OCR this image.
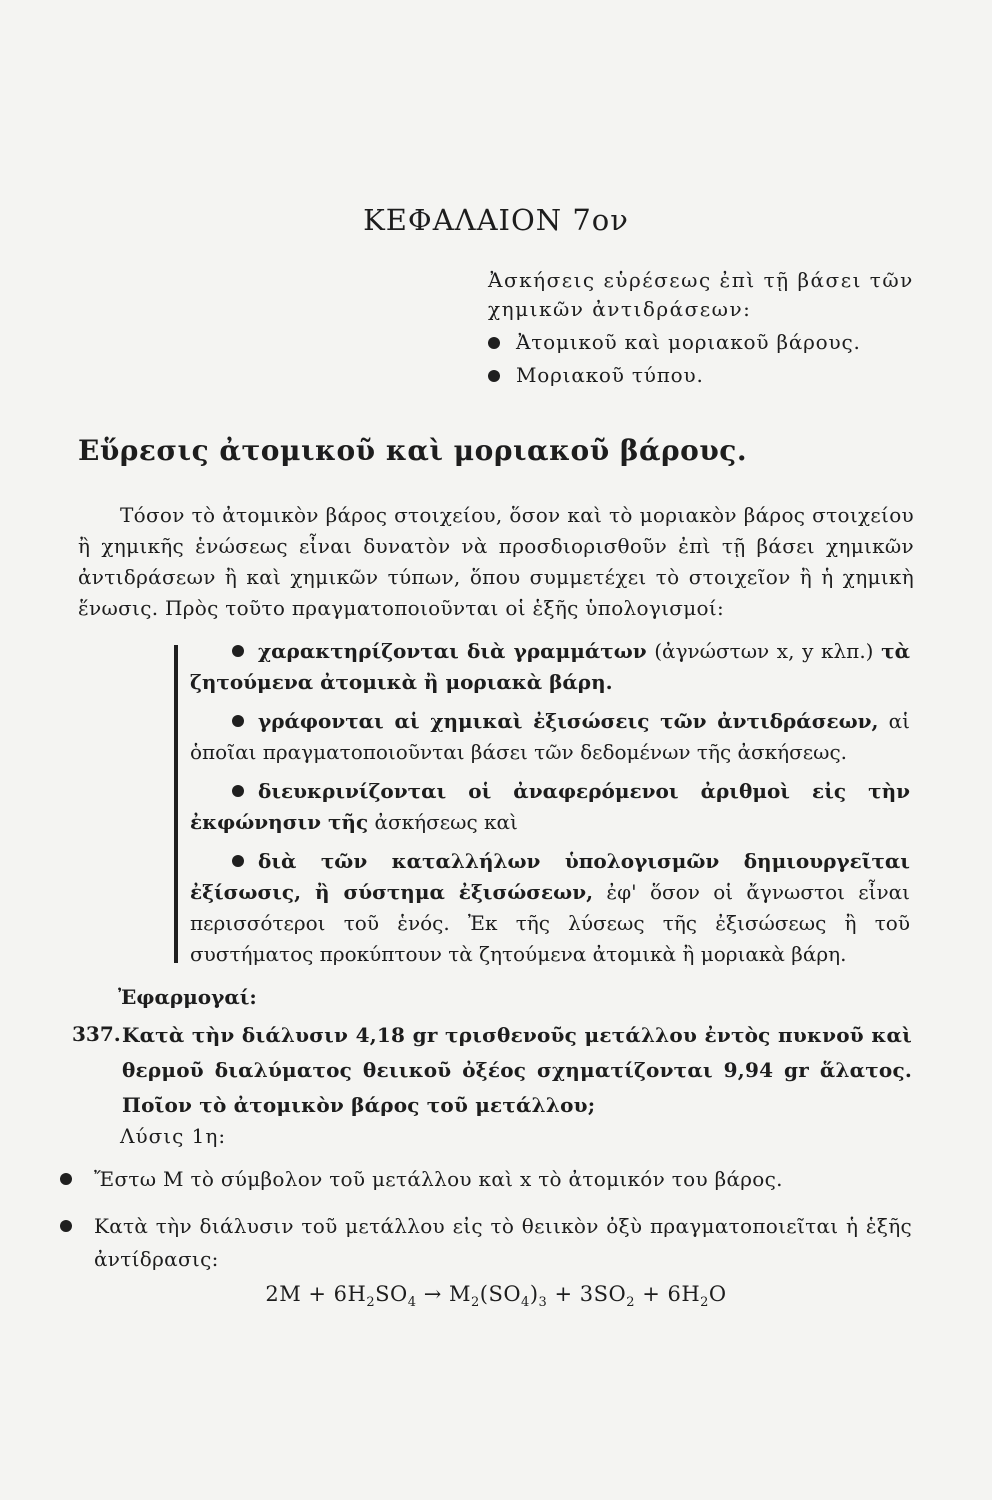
ΚΕΦΑΛΑΙΟΝ 7ον
Ἀσκήσεις εὑρέσεως ἐπὶ τῇ βάσει τῶν
χημικῶν ἀντιδράσεων:
Ἀτομικοῦ καὶ μοριακοῦ βάρους.
Μοριακοῦ τύπου.
Εὕρεσις ἀτομικοῦ καὶ μοριακοῦ βάρους.
Τόσον τὸ ἀτομικὸν βάρος στοιχείου, ὅσον καὶ τὸ μοριακὸν βάρος στοιχείου ἢ χημικῆς ἑνώσεως εἶναι δυνατὸν νὰ προσδιορισθοῦν ἐπὶ τῇ βάσει χημικῶν ἀντιδράσεων ἢ καὶ χημικῶν τύπων, ὅπου συμμετέχει τὸ στοιχεῖον ἢ ἡ χημικὴ ἕνωσις. Πρὸς τοῦτο πραγματοποιοῦνται οἱ ἑξῆς ὑπολογισμοί:
χαρακτηρίζονται διὰ γραμμάτων (ἀγνώστων x, y κλπ.) τὰ ζητούμενα ἀτομικὰ ἢ μοριακὰ βάρη.
γράφονται αἱ χημικαὶ ἐξισώσεις τῶν ἀντιδράσεων, αἱ ὁποῖαι πραγματοποιοῦνται βάσει τῶν δεδομένων τῆς ἀσκήσεως.
διευκρινίζονται οἱ ἀναφερόμενοι ἀριθμοὶ εἰς τὴν ἐκφώνησιν τῆς ἀσκήσεως καὶ
διὰ τῶν καταλλήλων ὑπολογισμῶν δημιουργεῖται ἐξίσωσις, ἢ σύστημα ἐξισώσεων, ἐφ' ὅσον οἱ ἄγνωστοι εἶναι περισσότεροι τοῦ ἑνός. Ἐκ τῆς λύσεως τῆς ἐξισώσεως ἢ τοῦ συστήματος προκύπτουν τὰ ζητούμενα ἀτομικὰ ἢ μοριακὰ βάρη.
Ἐφαρμογαί:
337. Κατὰ τὴν διάλυσιν 4,18 gr τρισθενοῦς μετάλλου ἐντὸς πυκνοῦ καὶ θερμοῦ διαλύματος θειικοῦ ὀξέος σχηματίζονται 9,94 gr ἅλατος. Ποῖον τὸ ἀτομικὸν βάρος τοῦ μετάλλου;
Λύσις 1η:
Ἔστω Μ τὸ σύμβολον τοῦ μετάλλου καὶ x τὸ ἀτομικόν του βάρος.
Κατὰ τὴν διάλυσιν τοῦ μετάλλου εἰς τὸ θειικὸν ὀξὺ πραγματοποιεῖται ἡ ἑξῆς ἀντίδρασις:
$2M + 6H_2SO_4 \to M_2(SO_4)_3 + 3SO_2 + 6H_2O$
